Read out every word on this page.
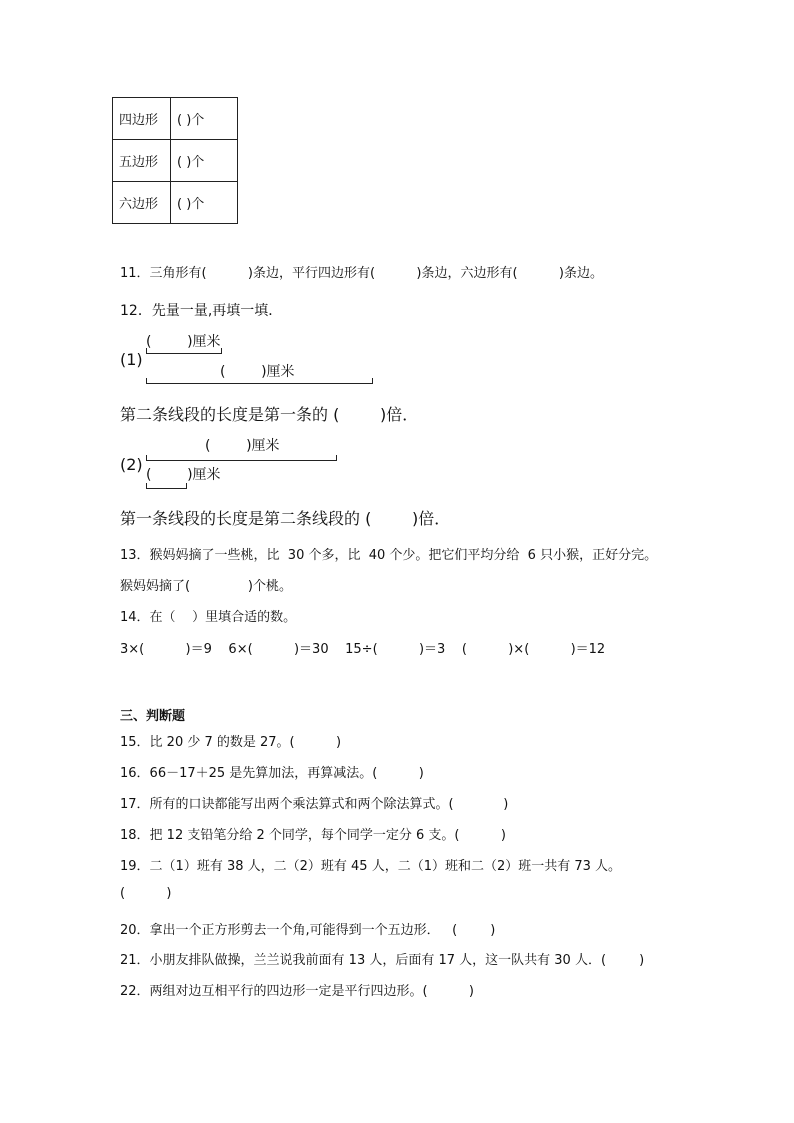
四边形	( )个
五边形	( )个
六边形	( )个
11．三角形有(          )条边，平行四边形有(          )条边，六边形有(          )条边。
12．先量一量,再填一填．
(        )厘米
(1)
(        )厘米
第二条线段的长度是第一条的 (        )倍．
(        )厘米
(2)
(        )厘米
第一条线段的长度是第二条线段的 (        )倍．
13．猴妈妈摘了一些桃，比  30 个多，比  40 个少。把它们平均分给  6 只小猴，正好分完。
猴妈妈摘了(              )个桃。
14．在（    ）里填合适的数。
3×(          )＝9    6×(          )＝30    15÷(          )＝3    (          )×(          )＝12
三、判断题
15．比 20 少 7 的数是 27。(          )
16．66－17＋25 是先算加法，再算减法。(          )
17．所有的口诀都能写出两个乘法算式和两个除法算式。(            )
18．把 12 支铅笔分给 2 个同学，每个同学一定分 6 支。(          )
19．二（1）班有 38 人，二（2）班有 45 人，二（1）班和二（2）班一共有 73 人。
(          )
20．拿出一个正方形剪去一个角,可能得到一个五边形．   (        )
21．小朋友排队做操，兰兰说我前面有 13 人，后面有 17 人，这一队共有 30 人．(        )
22．两组对边互相平行的四边形一定是平行四边形。(          )
